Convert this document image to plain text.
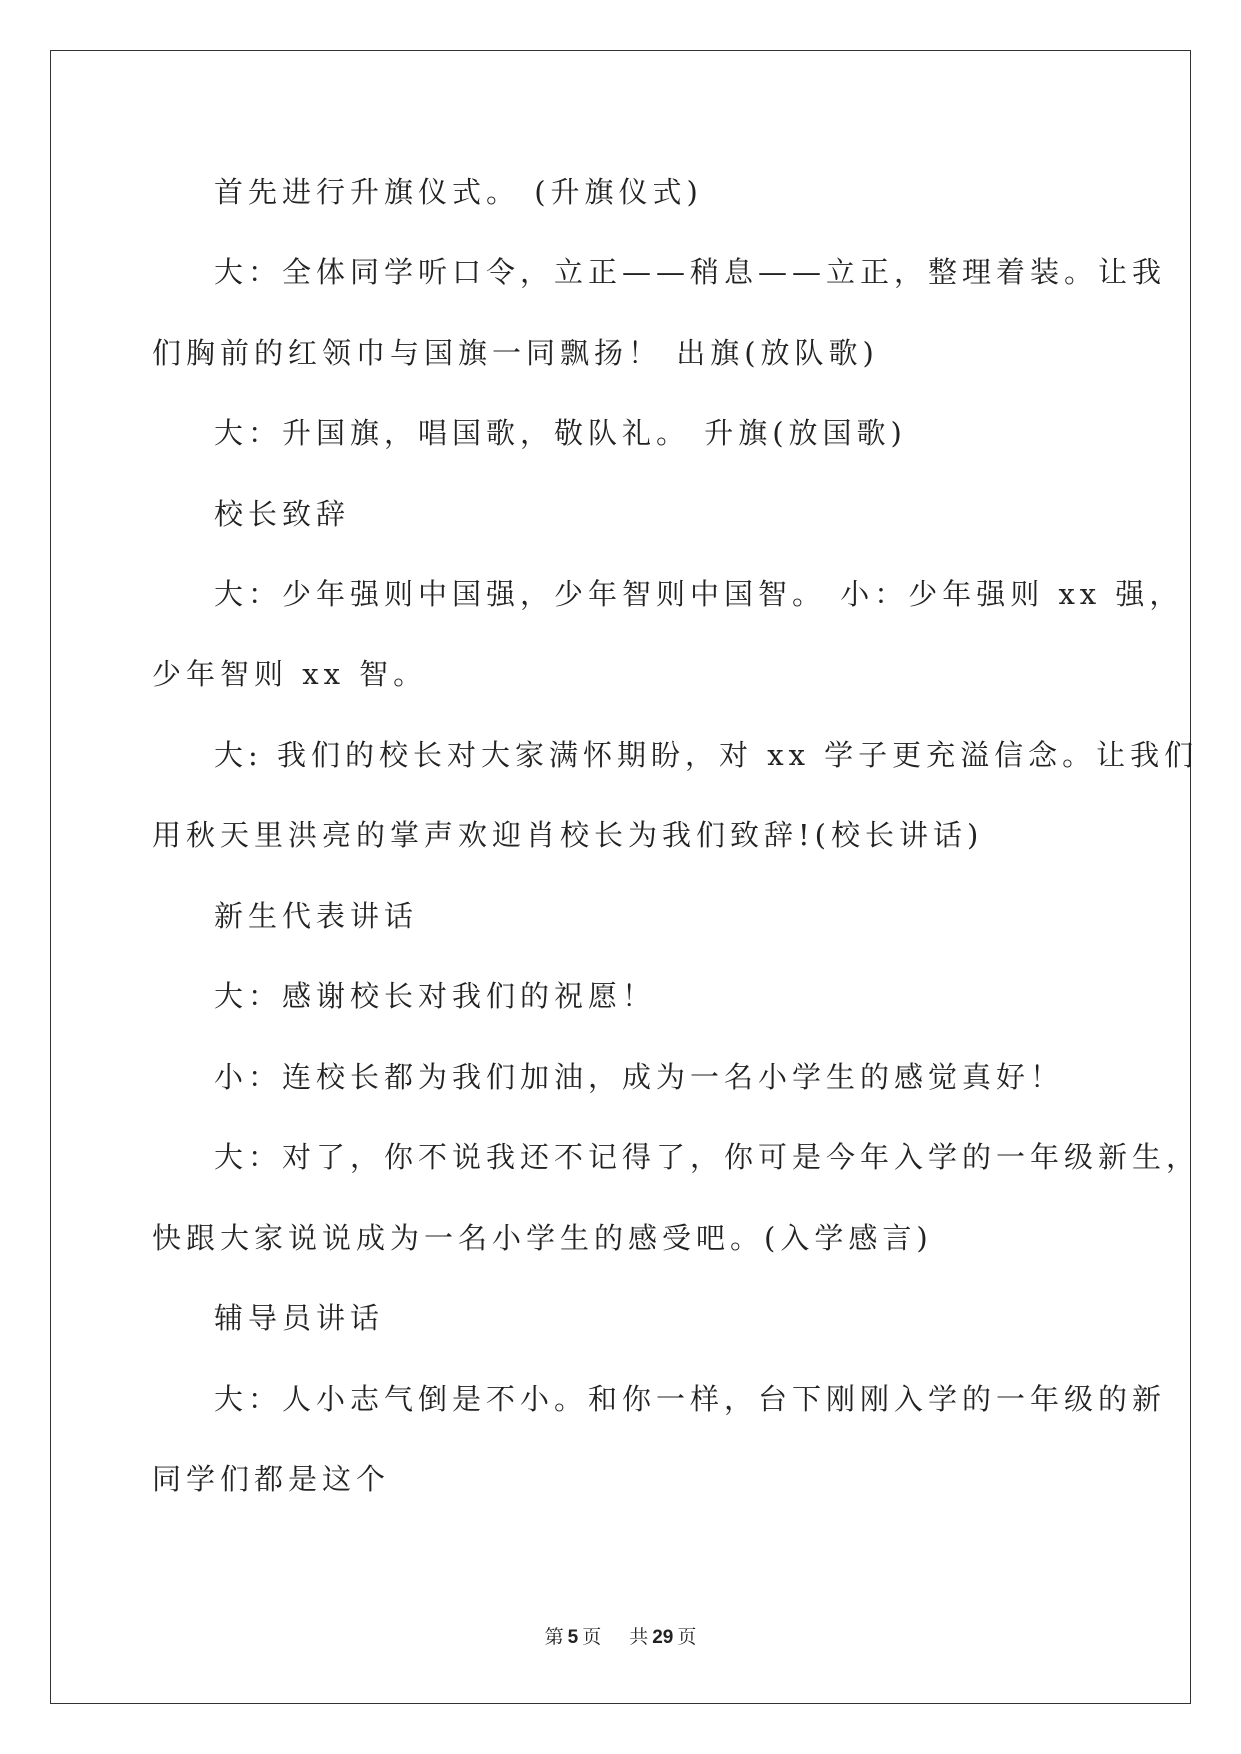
首先进行升旗仪式。 (升旗仪式)
大：全体同学听口令，立正——稍息——立正，整理着装。让我
们胸前的红领巾与国旗一同飘扬！ 出旗(放队歌)
大：升国旗，唱国歌，敬队礼。 升旗(放国歌)
校长致辞
大：少年强则中国强，少年智则中国智。 小：少年强则 xx 强，
少年智则 xx 智。
大: 我们的校长对大家满怀期盼，对 xx 学子更充溢信念。让我们
用秋天里洪亮的掌声欢迎肖校长为我们致辞!(校长讲话)
新生代表讲话
大：感谢校长对我们的祝愿！
小：连校长都为我们加油，成为一名小学生的感觉真好！
大：对了，你不说我还不记得了，你可是今年入学的一年级新生，
快跟大家说说成为一名小学生的感受吧。(入学感言)
辅导员讲话
大：人小志气倒是不小。和你一样，台下刚刚入学的一年级的新
同学们都是这个
第 5 页 共 29 页
